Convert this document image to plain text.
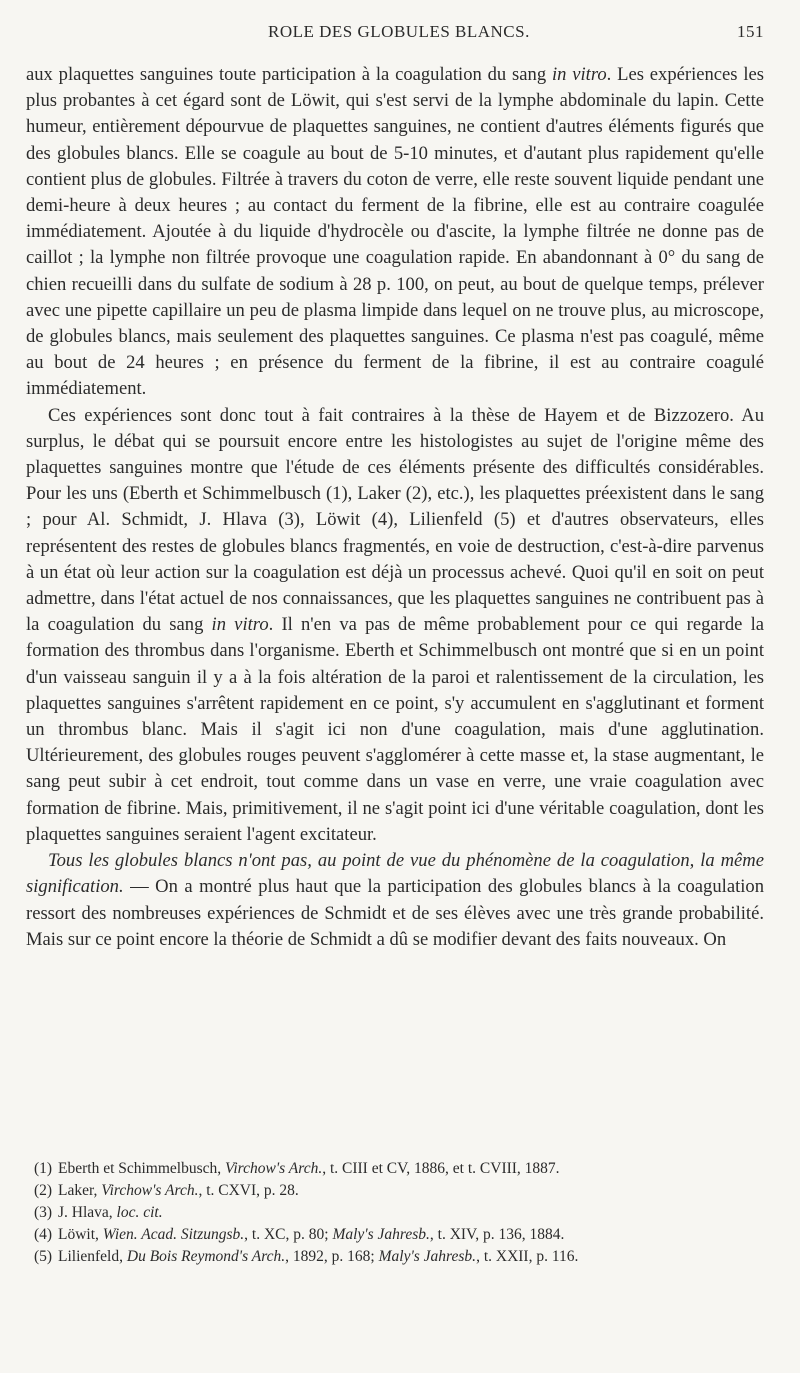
ROLE DES GLOBULES BLANCS.	151

aux plaquettes sanguines toute participation à la coagulation du sang in vitro. Les expériences les plus probantes à cet égard sont de Löwit, qui s'est servi de la lymphe abdominale du lapin. Cette humeur, entièrement dépourvue de plaquettes sanguines, ne contient d'autres éléments figurés que des globules blancs. Elle se coagule au bout de 5-10 minutes, et d'autant plus rapidement qu'elle contient plus de globules. Filtrée à travers du coton de verre, elle reste souvent liquide pendant une demi-heure à deux heures ; au contact du ferment de la fibrine, elle est au contraire coagulée immédiatement. Ajoutée à du liquide d'hydrocèle ou d'ascite, la lymphe filtrée ne donne pas de caillot ; la lymphe non filtrée provoque une coagulation rapide. En abandonnant à 0° du sang de chien recueilli dans du sulfate de sodium à 28 p. 100, on peut, au bout de quelque temps, prélever avec une pipette capillaire un peu de plasma limpide dans lequel on ne trouve plus, au microscope, de globules blancs, mais seulement des plaquettes sanguines. Ce plasma n'est pas coagulé, même au bout de 24 heures ; en présence du ferment de la fibrine, il est au contraire coagulé immédiatement.

Ces expériences sont donc tout à fait contraires à la thèse de Hayem et de Bizzozero. Au surplus, le débat qui se poursuit encore entre les histologistes au sujet de l'origine même des plaquettes sanguines montre que l'étude de ces éléments présente des difficultés considérables. Pour les uns (Eberth et Schimmelbusch (1), Laker (2), etc.), les plaquettes préexistent dans le sang ; pour Al. Schmidt, J. Hlava (3), Löwit (4), Lilienfeld (5) et d'autres observateurs, elles représentent des restes de globules blancs fragmentés, en voie de destruction, c'est-à-dire parvenus à un état où leur action sur la coagulation est déjà un processus achevé. Quoi qu'il en soit on peut admettre, dans l'état actuel de nos connaissances, que les plaquettes sanguines ne contribuent pas à la coagulation du sang in vitro. Il n'en va pas de même probablement pour ce qui regarde la formation des thrombus dans l'organisme. Eberth et Schimmelbusch ont montré que si en un point d'un vaisseau sanguin il y a à la fois altération de la paroi et ralentissement de la circulation, les plaquettes sanguines s'arrêtent rapidement en ce point, s'y accumulent en s'agglutinant et forment un thrombus blanc. Mais il s'agit ici non d'une coagulation, mais d'une agglutination. Ultérieurement, des globules rouges peuvent s'agglomérer à cette masse et, la stase augmentant, le sang peut subir à cet endroit, tout comme dans un vase en verre, une vraie coagulation avec formation de fibrine. Mais, primitivement, il ne s'agit point ici d'une véritable coagulation, dont les plaquettes sanguines seraient l'agent excitateur.

Tous les globules blancs n'ont pas, au point de vue du phénomène de la coagulation, la même signification. — On a montré plus haut que la participation des globules blancs à la coagulation ressort des nombreuses expériences de Schmidt et de ses élèves avec une très grande probabilité. Mais sur ce point encore la théorie de Schmidt a dû se modifier devant des faits nouveaux. On

(1) Eberth et Schimmelbusch, Virchow's Arch., t. CIII et CV, 1886, et t. CVIII, 1887.
(2) Laker, Virchow's Arch., t. CXVI, p. 28.
(3) J. Hlava, loc. cit.
(4) Löwit, Wien. Acad. Sitzungsb., t. XC, p. 80; Maly's Jahresb., t. XIV, p. 136, 1884.
(5) Lilienfeld, Du Bois Reymond's Arch., 1892, p. 168; Maly's Jahresb., t. XXII, p. 116.
